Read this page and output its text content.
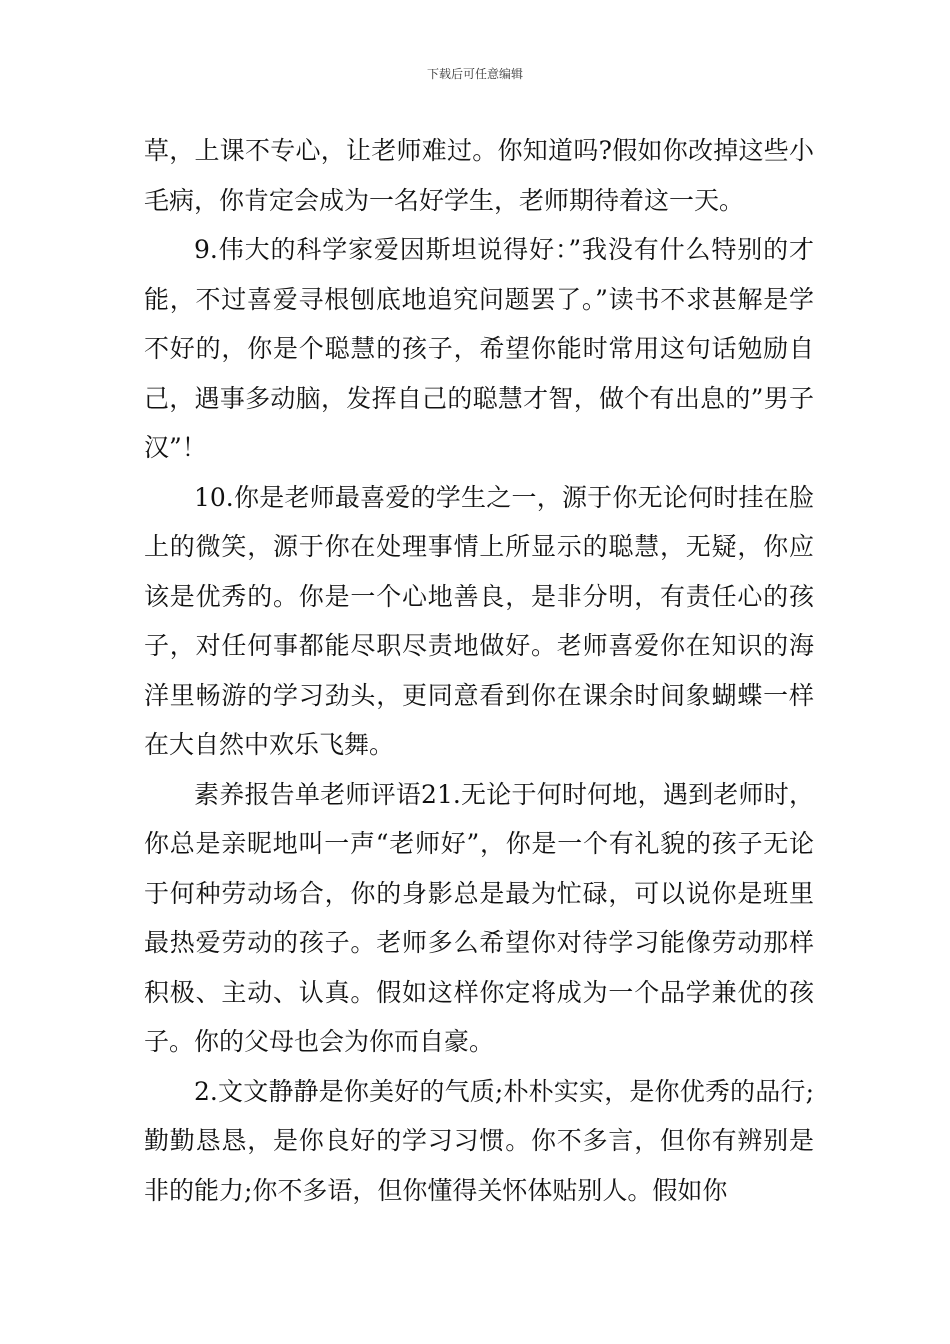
下载后可任意编辑

草，上课不专心，让老师难过。你知道吗?假如你改掉这些小毛病，你肯定会成为一名好学生，老师期待着这一天。

9.伟大的科学家爱因斯坦说得好：”我没有什么特别的才能，不过喜爱寻根刨底地追究问题罢了。”读书不求甚解是学不好的，你是个聪慧的孩子，希望你能时常用这句话勉励自己，遇事多动脑，发挥自己的聪慧才智，做个有出息的”男子汉”！

10.你是老师最喜爱的学生之一，源于你无论何时挂在脸上的微笑，源于你在处理事情上所显示的聪慧，无疑，你应该是优秀的。你是一个心地善良，是非分明，有责任心的孩子，对任何事都能尽职尽责地做好。老师喜爱你在知识的海洋里畅游的学习劲头，更同意看到你在课余时间象蝴蝶一样在大自然中欢乐飞舞。

素养报告单老师评语21.无论于何时何地，遇到老师时，你总是亲昵地叫一声“老师好”，你是一个有礼貌的孩子无论于何种劳动场合，你的身影总是最为忙碌，可以说你是班里最热爱劳动的孩子。老师多么希望你对待学习能像劳动那样积极、主动、认真。假如这样你定将成为一个品学兼优的孩子。你的父母也会为你而自豪。

2.文文静静是你美好的气质;朴朴实实，是你优秀的品行;勤勤恳恳，是你良好的学习习惯。你不多言，但你有辨别是非的能力;你不多语，但你懂得关怀体贴别人。假如你
